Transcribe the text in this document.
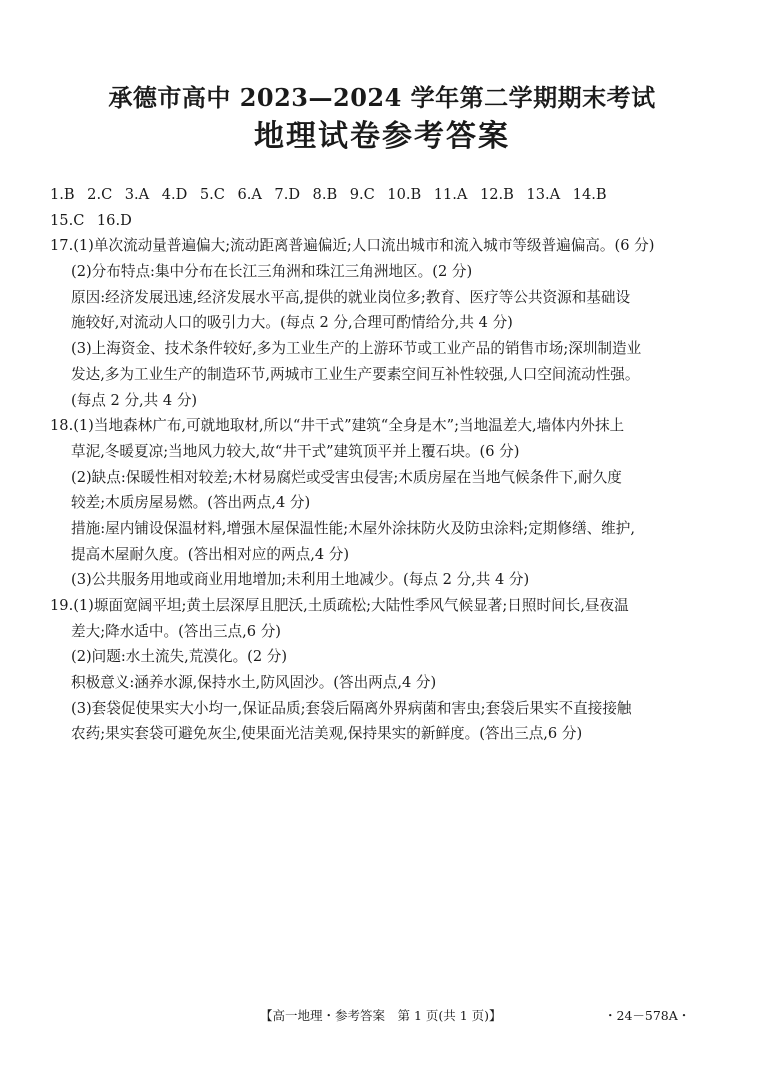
承德市高中 2023—2024 学年第二学期期末考试
地理试卷参考答案
1.B 2.C 3.A 4.D 5.C 6.A 7.D 8.B 9.C 10.B 11.A 12.B 13.A 14.B
15.C 16.D
17.(1)单次流动量普遍偏大;流动距离普遍偏近;人口流出城市和流入城市等级普遍偏高。(6 分)
(2)分布特点:集中分布在长江三角洲和珠江三角洲地区。(2 分)
原因:经济发展迅速,经济发展水平高,提供的就业岗位多;教育、医疗等公共资源和基础设
施较好,对流动人口的吸引力大。(每点 2 分,合理可酌情给分,共 4 分)
(3)上海资金、技术条件较好,多为工业生产的上游环节或工业产品的销售市场;深圳制造业
发达,多为工业生产的制造环节,两城市工业生产要素空间互补性较强,人口空间流动性强。
(每点 2 分,共 4 分)
18.(1)当地森林广布,可就地取材,所以“井干式”建筑“全身是木”;当地温差大,墙体内外抹上
草泥,冬暖夏凉;当地风力较大,故“井干式”建筑顶平并上覆石块。(6 分)
(2)缺点:保暖性相对较差;木材易腐烂或受害虫侵害;木质房屋在当地气候条件下,耐久度
较差;木质房屋易燃。(答出两点,4 分)
措施:屋内铺设保温材料,增强木屋保温性能;木屋外涂抹防火及防虫涂料;定期修缮、维护,
提高木屋耐久度。(答出相对应的两点,4 分)
(3)公共服务用地或商业用地增加;未利用土地减少。(每点 2 分,共 4 分)
19.(1)塬面宽阔平坦;黄土层深厚且肥沃,土质疏松;大陆性季风气候显著;日照时间长,昼夜温
差大;降水适中。(答出三点,6 分)
(2)问题:水土流失,荒漠化。(2 分)
积极意义:涵养水源,保持水土,防风固沙。(答出两点,4 分)
(3)套袋促使果实大小均一,保证品质;套袋后隔离外界病菌和害虫;套袋后果实不直接接触
农药;果实套袋可避免灰尘,使果面光洁美观,保持果实的新鲜度。(答出三点,6 分)
【高一地理・参考答案　第 1 页(共 1 页)】	・24－578A・
